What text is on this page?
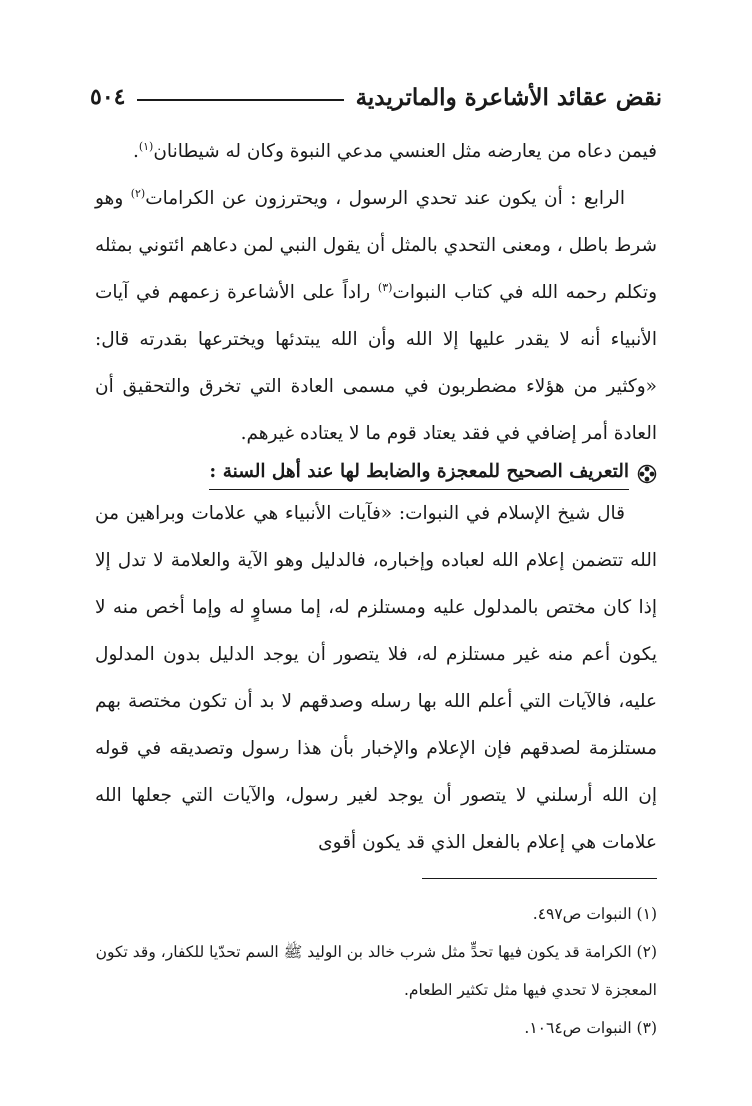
نقض عقائد الأشاعرة والماتريدية
٥٠٤

فيمن دعاه من يعارضه مثل العنسي مدعي النبوة وكان له شيطانان$^{(١)}$.

الرابع : أن يكون عند تحدي الرسول ، ويحترزون عن الكرامات$^{(٢)}$ وهو شرط باطل ، ومعنى التحدي بالمثل أن يقول النبي لمن دعاهم ائتوني بمثله وتكلم رحمه الله في كتاب النبوات$^{(٣)}$ راداً على الأشاعرة زعمهم في آيات الأنبياء أنه لا يقدر عليها إلا الله وأن الله يبتدئها ويخترعها بقدرته قال: «وكثير من هؤلاء مضطربون في مسمى العادة التي تخرق والتحقيق أن العادة أمر إضافي في فقد يعتاد قوم ما لا يعتاده غيرهم.

التعريف الصحيح للمعجزة والضابط لها عند أهل السنة :

قال شيخ الإسلام في النبوات: «فآيات الأنبياء هي علامات وبراهين من الله تتضمن إعلام الله لعباده وإخباره، فالدليل وهو الآية والعلامة لا تدل إلا إذا كان مختص بالمدلول عليه ومستلزم له، إما مساوٍ له وإما أخص منه لا يكون أعم منه غير مستلزم له، فلا يتصور أن يوجد الدليل بدون المدلول عليه، فالآيات التي أعلم الله بها رسله وصدقهم لا بد أن تكون مختصة بهم مستلزمة لصدقهم فإن الإعلام والإخبار بأن هذا رسول وتصديقه في قوله إن الله أرسلني لا يتصور أن يوجد لغير رسول، والآيات التي جعلها الله علامات هي إعلام بالفعل الذي قد يكون أقوى

(١) النبوات ص٤٩٧.

(٢) الكرامة قد يكون فيها تحدٍّ مثل شرب خالد بن الوليد ﷺ السم تحدّيا للكفار، وقد تكون المعجزة لا تحدي فيها مثل تكثير الطعام.

(٣) النبوات ص١٠٦٤.
